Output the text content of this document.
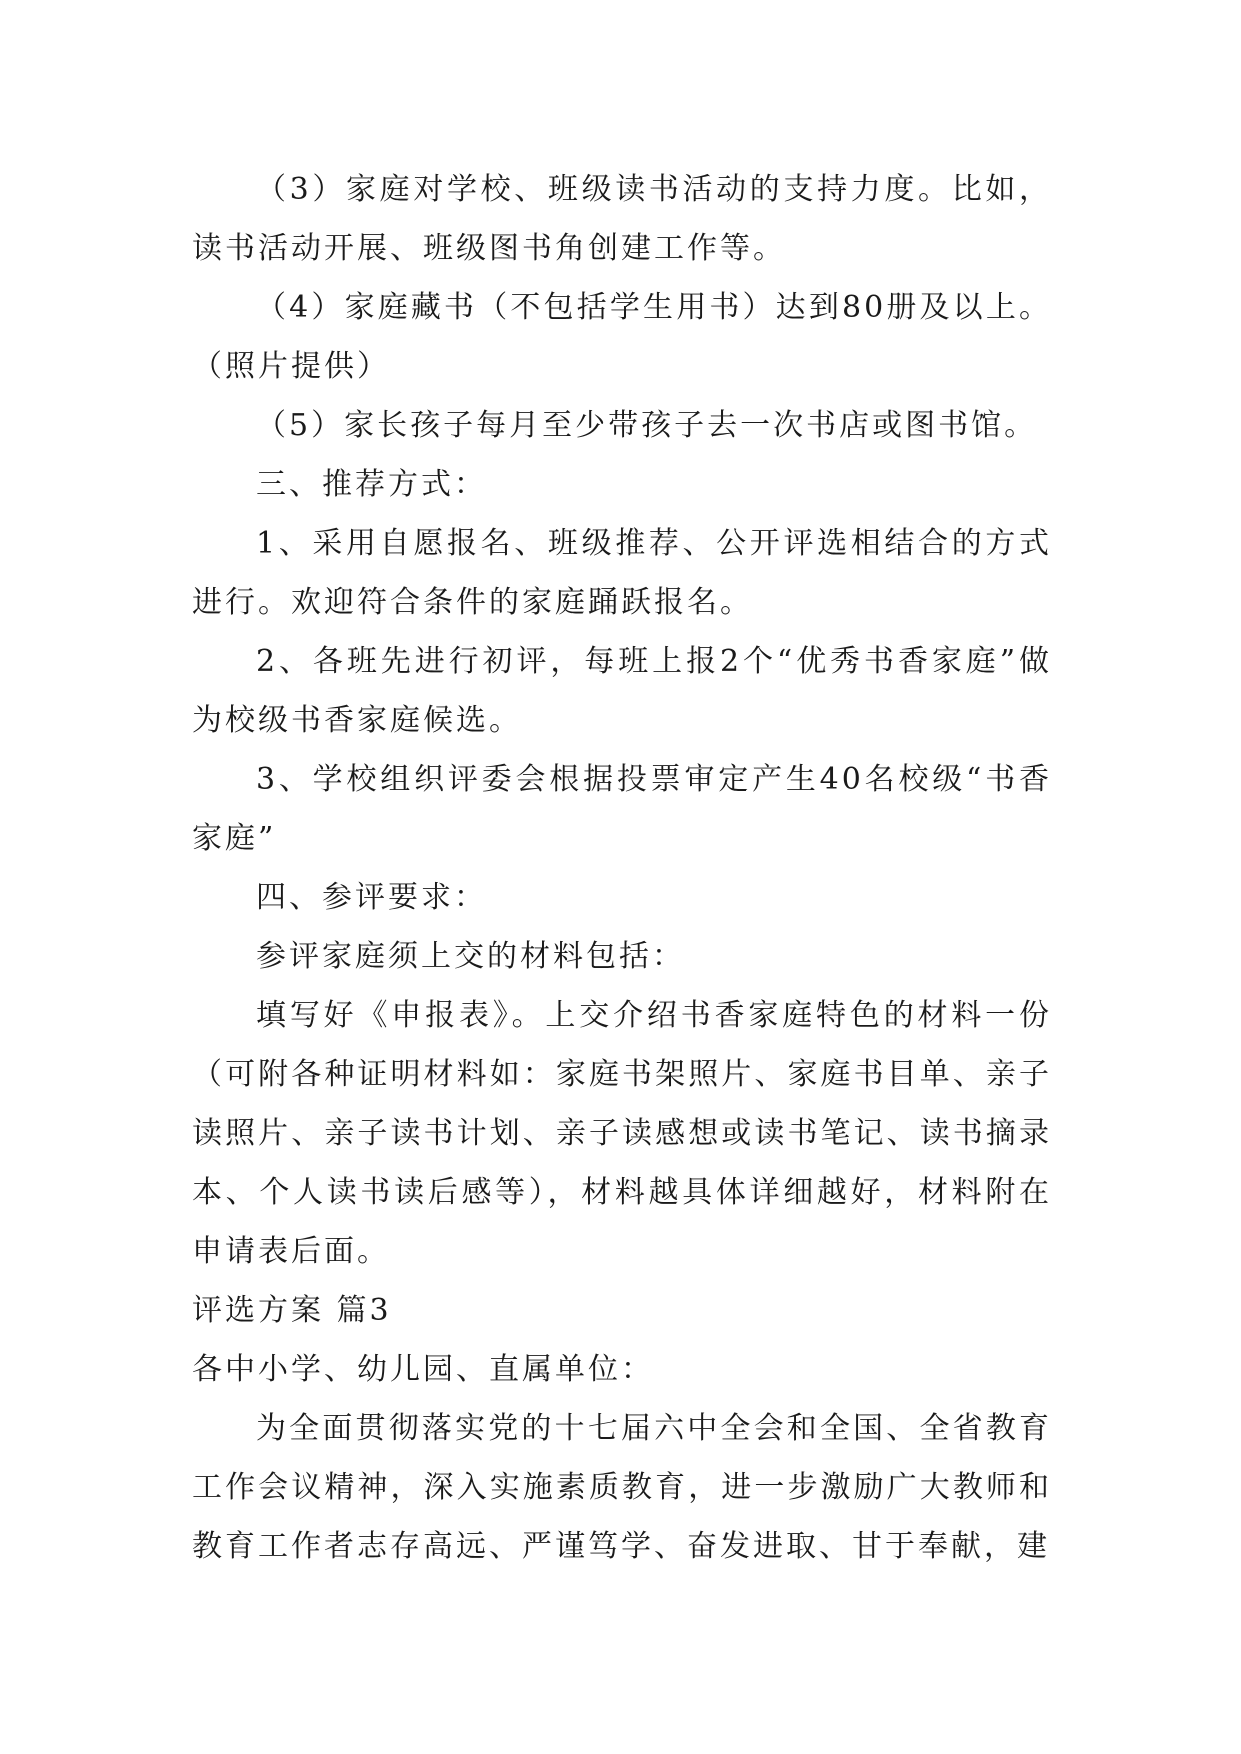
（3）家庭对学校、班级读书活动的支持力度。比如，读书活动开展、班级图书角创建工作等。

（4）家庭藏书（不包括学生用书）达到80册及以上。（照片提供）

（5）家长孩子每月至少带孩子去一次书店或图书馆。

三、推荐方式：

1、采用自愿报名、班级推荐、公开评选相结合的方式进行。欢迎符合条件的家庭踊跃报名。

2、各班先进行初评，每班上报2个“优秀书香家庭”做为校级书香家庭候选。

3、学校组织评委会根据投票审定产生40名校级“书香家庭”

四、参评要求：

参评家庭须上交的材料包括：

填写好《申报表》。上交介绍书香家庭特色的材料一份（可附各种证明材料如：家庭书架照片、家庭书目单、亲子读照片、亲子读书计划、亲子读感想或读书笔记、读书摘录本、个人读书读后感等），材料越具体详细越好，材料附在申请表后面。

评选方案 篇3

各中小学、幼儿园、直属单位：

为全面贯彻落实党的十七届六中全会和全国、全省教育工作会议精神，深入实施素质教育，进一步激励广大教师和教育工作者志存高远、严谨笃学、奋发进取、甘于奉献，建
